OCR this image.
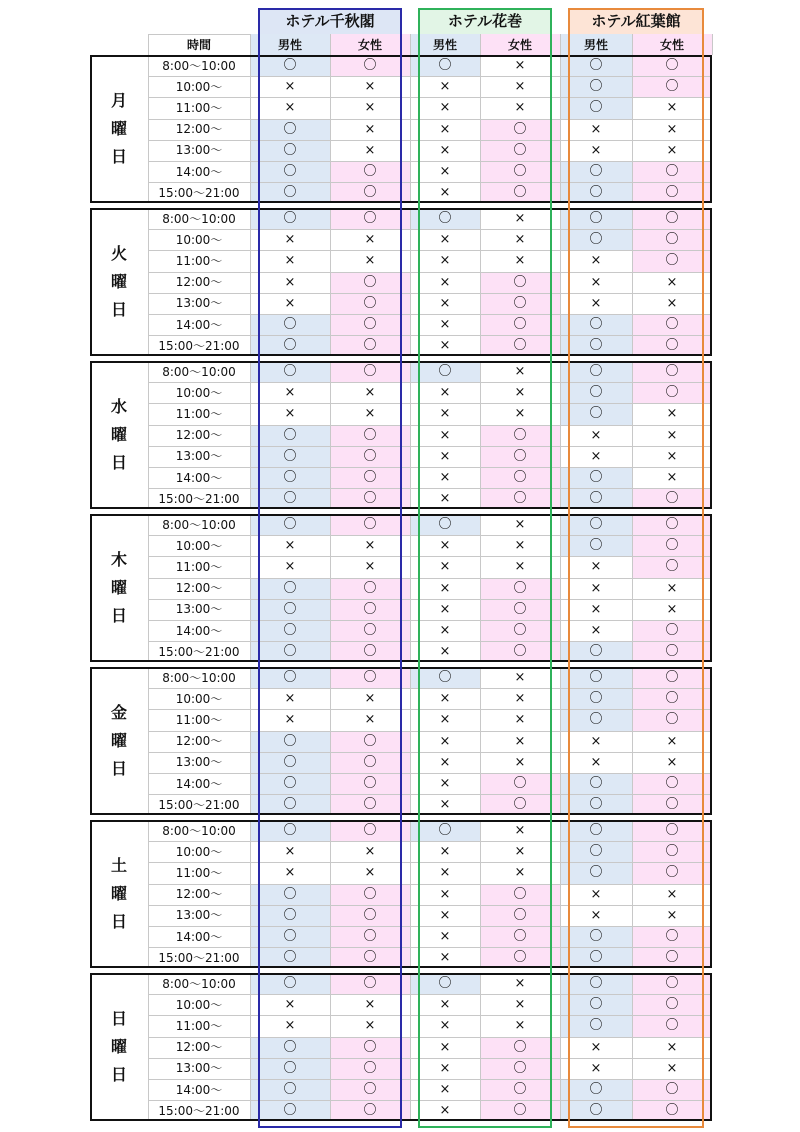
ホテル千秋閣	ホテル花巻	ホテル紅葉館
時間	男性	女性	男性	女性	男性	女性
月
曜
日
8:00～10:00	〇	〇	〇	×	〇	〇
10:00～	×	×	×	×	〇	〇
11:00～	×	×	×	×	〇	×
12:00～	〇	×	×	〇	×	×
13:00～	〇	×	×	〇	×	×
14:00～	〇	〇	×	〇	〇	〇
15:00～21:00	〇	〇	×	〇	〇	〇
火
曜
日
8:00～10:00	〇	〇	〇	×	〇	〇
10:00～	×	×	×	×	〇	〇
11:00～	×	×	×	×	×	〇
12:00～	×	〇	×	〇	×	×
13:00～	×	〇	×	〇	×	×
14:00～	〇	〇	×	〇	〇	〇
15:00～21:00	〇	〇	×	〇	〇	〇
水
曜
日
8:00～10:00	〇	〇	〇	×	〇	〇
10:00～	×	×	×	×	〇	〇
11:00～	×	×	×	×	〇	×
12:00～	〇	〇	×	〇	×	×
13:00～	〇	〇	×	〇	×	×
14:00～	〇	〇	×	〇	〇	×
15:00～21:00	〇	〇	×	〇	〇	〇
木
曜
日
8:00～10:00	〇	〇	〇	×	〇	〇
10:00～	×	×	×	×	〇	〇
11:00～	×	×	×	×	×	〇
12:00～	〇	〇	×	〇	×	×
13:00～	〇	〇	×	〇	×	×
14:00～	〇	〇	×	〇	×	〇
15:00～21:00	〇	〇	×	〇	〇	〇
金
曜
日
8:00～10:00	〇	〇	〇	×	〇	〇
10:00～	×	×	×	×	〇	〇
11:00～	×	×	×	×	〇	〇
12:00～	〇	〇	×	×	×	×
13:00～	〇	〇	×	×	×	×
14:00～	〇	〇	×	〇	〇	〇
15:00～21:00	〇	〇	×	〇	〇	〇
土
曜
日
8:00～10:00	〇	〇	〇	×	〇	〇
10:00～	×	×	×	×	〇	〇
11:00～	×	×	×	×	〇	〇
12:00～	〇	〇	×	〇	×	×
13:00～	〇	〇	×	〇	×	×
14:00～	〇	〇	×	〇	〇	〇
15:00～21:00	〇	〇	×	〇	〇	〇
日
曜
日
8:00～10:00	〇	〇	〇	×	〇	〇
10:00～	×	×	×	×	〇	〇
11:00～	×	×	×	×	〇	〇
12:00～	〇	〇	×	〇	×	×
13:00～	〇	〇	×	〇	×	×
14:00～	〇	〇	×	〇	〇	〇
15:00～21:00	〇	〇	×	〇	〇	〇
